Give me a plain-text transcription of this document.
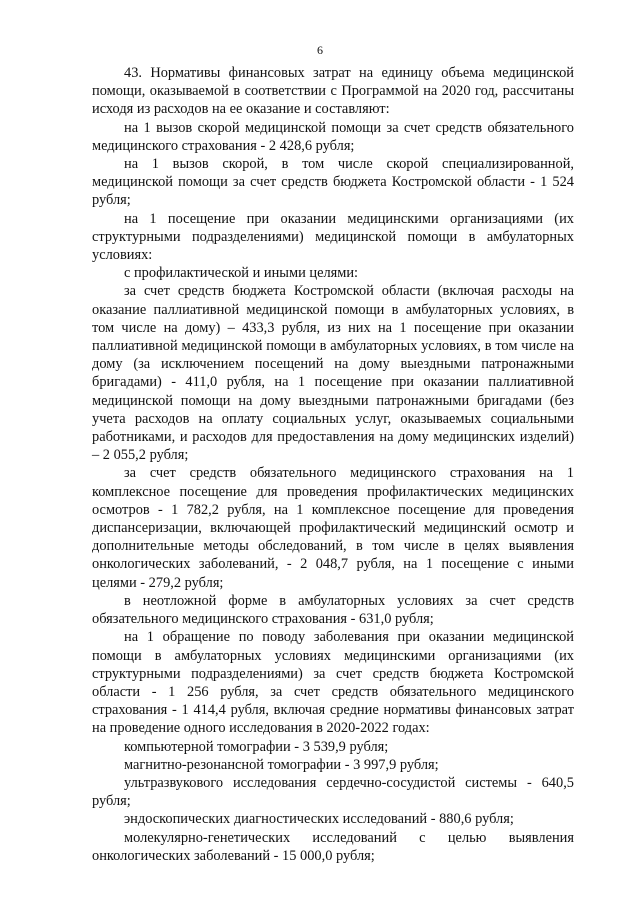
6

43. Нормативы финансовых затрат на единицу объема медицинской помощи, оказываемой в соответствии с Программой на 2020 год, рассчитаны исходя из расходов на ее оказание и составляют:

на 1 вызов скорой медицинской помощи за счет средств обязательного медицинского страхования - 2 428,6 рубля;

на 1 вызов скорой, в том числе скорой специализированной, медицинской помощи за счет средств бюджета Костромской области - 1 524 рубля;

на 1 посещение при оказании медицинскими организациями (их структурными подразделениями) медицинской помощи в амбулаторных условиях:

с профилактической и иными целями:

за счет средств бюджета Костромской области (включая расходы на оказание паллиативной медицинской помощи в амбулаторных условиях, в том числе на дому) – 433,3 рубля, из них на 1 посещение при оказании паллиативной медицинской помощи в амбулаторных условиях, в том числе на дому (за исключением посещений на дому выездными патронажными бригадами) - 411,0 рубля, на 1 посещение при оказании паллиативной медицинской помощи на дому выездными патронажными бригадами (без учета расходов на оплату социальных услуг, оказываемых социальными работниками, и расходов для предоставления на дому медицинских изделий) – 2 055,2 рубля;

за счет средств обязательного медицинского страхования на 1 комплексное посещение для проведения профилактических медицинских осмотров - 1 782,2 рубля, на 1 комплексное посещение для проведения диспансеризации, включающей профилактический медицинский осмотр и дополнительные методы обследований, в том числе в целях выявления онкологических заболеваний, - 2 048,7 рубля, на 1 посещение с иными целями - 279,2 рубля;

в неотложной форме в амбулаторных условиях за счет средств обязательного медицинского страхования - 631,0 рубля;

на 1 обращение по поводу заболевания при оказании медицинской помощи в амбулаторных условиях медицинскими организациями (их структурными подразделениями) за счет средств бюджета Костромской области - 1 256 рубля, за счет средств обязательного медицинского страхования - 1 414,4 рубля, включая средние нормативы финансовых затрат на проведение одного исследования в 2020-2022 годах:

компьютерной томографии - 3 539,9 рубля;

магнитно-резонансной томографии - 3 997,9 рубля;

ультразвукового исследования сердечно-сосудистой системы - 640,5 рубля;

эндоскопических диагностических исследований - 880,6 рубля;

молекулярно-генетических исследований с целью выявления онкологических заболеваний - 15 000,0 рубля;
